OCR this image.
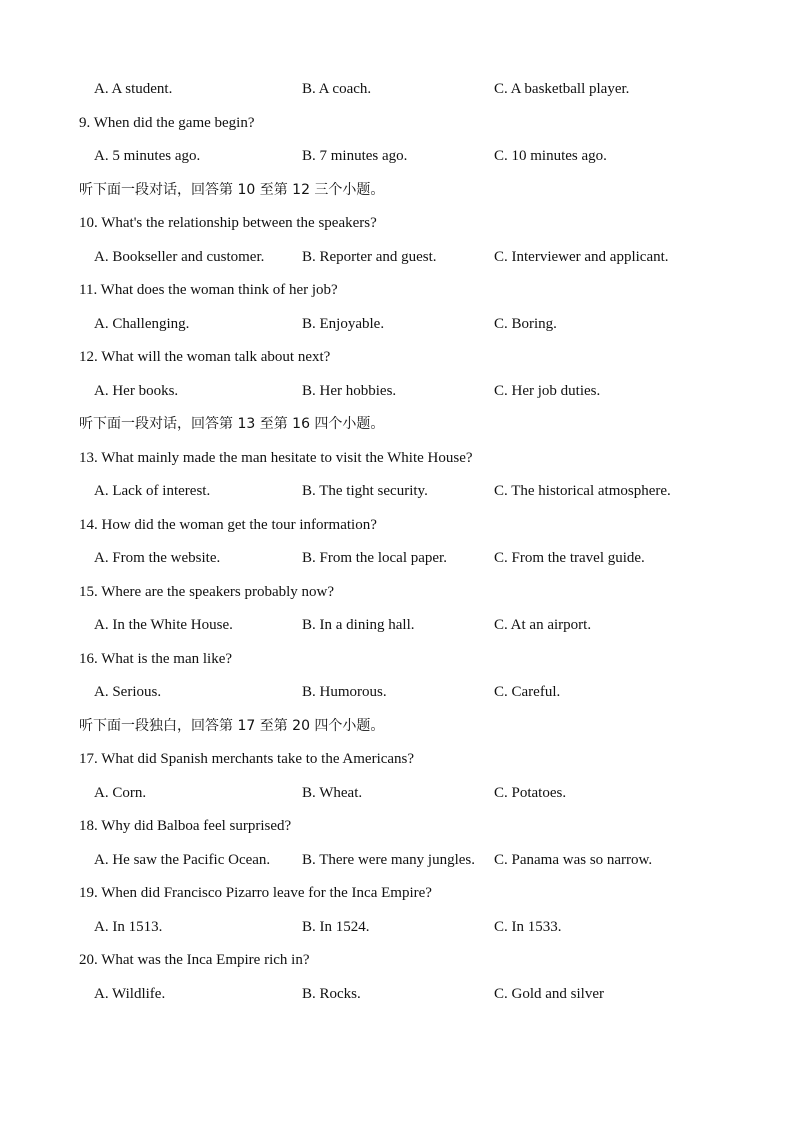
A. A student.	B. A coach.	C. A basketball player.
9. When did the game begin?
A. 5 minutes ago.	B. 7 minutes ago.	C. 10 minutes ago.
听下面一段对话，回答第 10 至第 12 三个小题。
10. What's the relationship between the speakers?
A. Bookseller and customer.	B. Reporter and guest.	C. Interviewer and applicant.
11. What does the woman think of her job?
A. Challenging.	B. Enjoyable.	C. Boring.
12. What will the woman talk about next?
A. Her books.	B. Her hobbies.	C. Her job duties.
听下面一段对话，回答第 13 至第 16 四个小题。
13. What mainly made the man hesitate to visit the White House?
A. Lack of interest.	B. The tight security.	C. The historical atmosphere.
14. How did the woman get the tour information?
A. From the website.	B. From the local paper.	C. From the travel guide.
15. Where are the speakers probably now?
A. In the White House.	B. In a dining hall.	C. At an airport.
16. What is the man like?
A. Serious.	B. Humorous.	C. Careful.
听下面一段独白，回答第 17 至第 20 四个小题。
17. What did Spanish merchants take to the Americans?
A. Corn.	B. Wheat.	C. Potatoes.
18. Why did Balboa feel surprised?
A. He saw the Pacific Ocean. B. There were many jungles. C. Panama was so narrow.
19. When did Francisco Pizarro leave for the Inca Empire?
A. In 1513.	B. In 1524.	C. In 1533.
20. What was the Inca Empire rich in?
A. Wildlife.	B. Rocks.	C. Gold and silver
